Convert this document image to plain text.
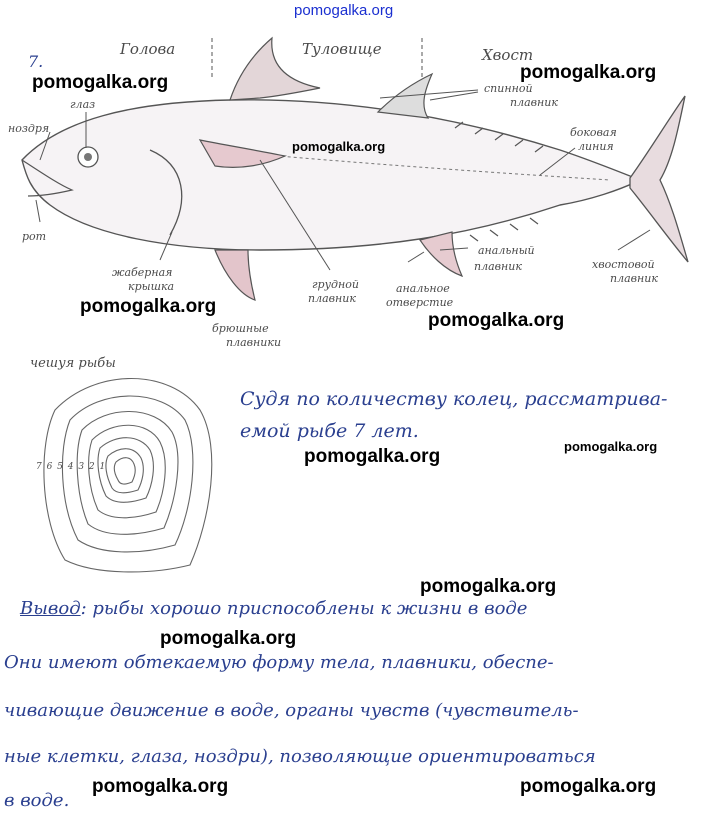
pomogalka.org
7.
Голова	Туловище	Хвост
ноздря
глаз
рот
жаберная
крышка
брюшные
плавники
грудной
плавник
анальное
отверстие
анальный
плавник	хвостовой
плавник
боковая
линия
спинной
плавник
чешуя рыбы
7 6 5 4 3 2 1
Судя по количеству колец, рассматрива-
емой рыбе 7 лет.
Вывод: рыбы хорошо приспособлены к жизни в воде
Они имеют обтекаемую форму тела, плавники, обеспе-
чивающие движение в воде, органы чувств (чувствитель-
ные клетки, глаза, ноздри), позволяющие ориентироваться
в воде.
pomogalka.org	pomogalka.org
pomogalka.org
pomogalka.org
pomogalka.org
pomogalka.org	pomogalka.org
pomogalka.org
pomogalka.org
pomogalka.org	pomogalka.org
